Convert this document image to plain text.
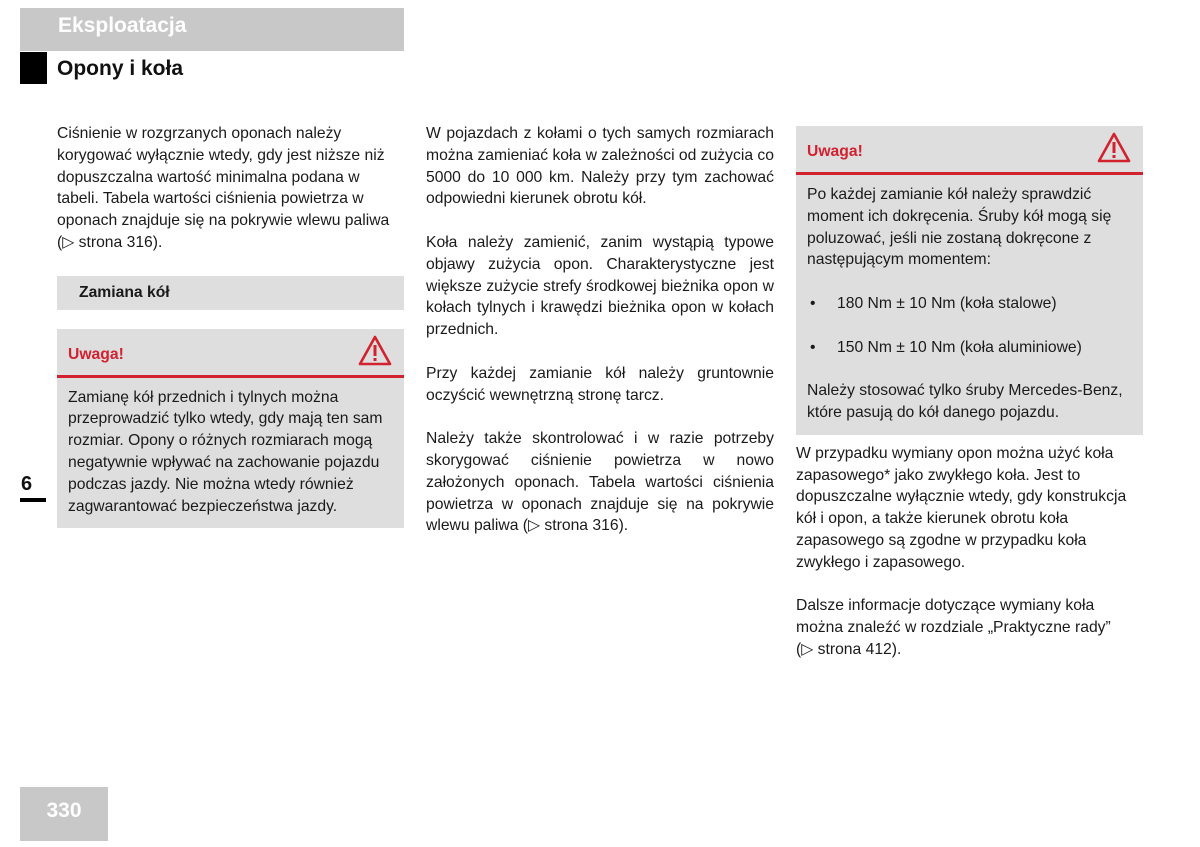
Eksploatacja
Opony i koła
6

Ciśnienie w rozgrzanych oponach należy korygować wyłącznie wtedy, gdy jest niższe niż dopuszczalna wartość minimalna podana w tabeli. Tabela wartości ciśnienia powietrza w oponach znajduje się na pokrywie wlewu paliwa
(▷ strona 316).

Zamiana kół
Uwaga!

Zamianę kół przednich i tylnych można przeprowadzić tylko wtedy, gdy mają ten sam rozmiar. Opony o różnych rozmiarach mogą negatywnie wpływać na zachowanie pojazdu podczas jazdy. Nie można wtedy również zagwarantować bezpieczeństwa jazdy.

W pojazdach z kołami o tych samych rozmiarach można zamieniać koła w zależności od zużycia co 5000 do 10 000 km. Należy przy tym zachować odpowiedni kierunek obrotu kół.

Koła należy zamienić, zanim wystąpią typowe objawy zużycia opon. Charakterystyczne jest większe zużycie strefy środkowej bieżnika opon w kołach tylnych i krawędzi bieżnika opon w kołach przednich.

Przy każdej zamianie kół należy gruntownie oczyścić wewnętrzną stronę tarcz.

Należy także skontrolować i w razie potrzeby skorygować ciśnienie powietrza w nowo założonych oponach. Tabela wartości ciśnienia powietrza w oponach znajduje się na pokrywie wlewu paliwa (▷ strona 316).

Uwaga!

Po każdej zamianie kół należy sprawdzić moment ich dokręcenia. Śruby kół mogą się poluzować, jeśli nie zostaną dokręcone z następującym momentem:

• 180 Nm ± 10 Nm (koła stalowe)
• 150 Nm ± 10 Nm (koła aluminiowe)

Należy stosować tylko śruby Mercedes-Benz, które pasują do kół danego pojazdu.

W przypadku wymiany opon można użyć koła zapasowego* jako zwykłego koła. Jest to dopuszczalne wyłącznie wtedy, gdy konstrukcja kół i opon, a także kierunek obrotu koła zapasowego są zgodne w przypadku koła zwykłego i zapasowego.

Dalsze informacje dotyczące wymiany koła można znaleźć w rozdziale „Praktyczne rady”
(▷ strona 412).

330
